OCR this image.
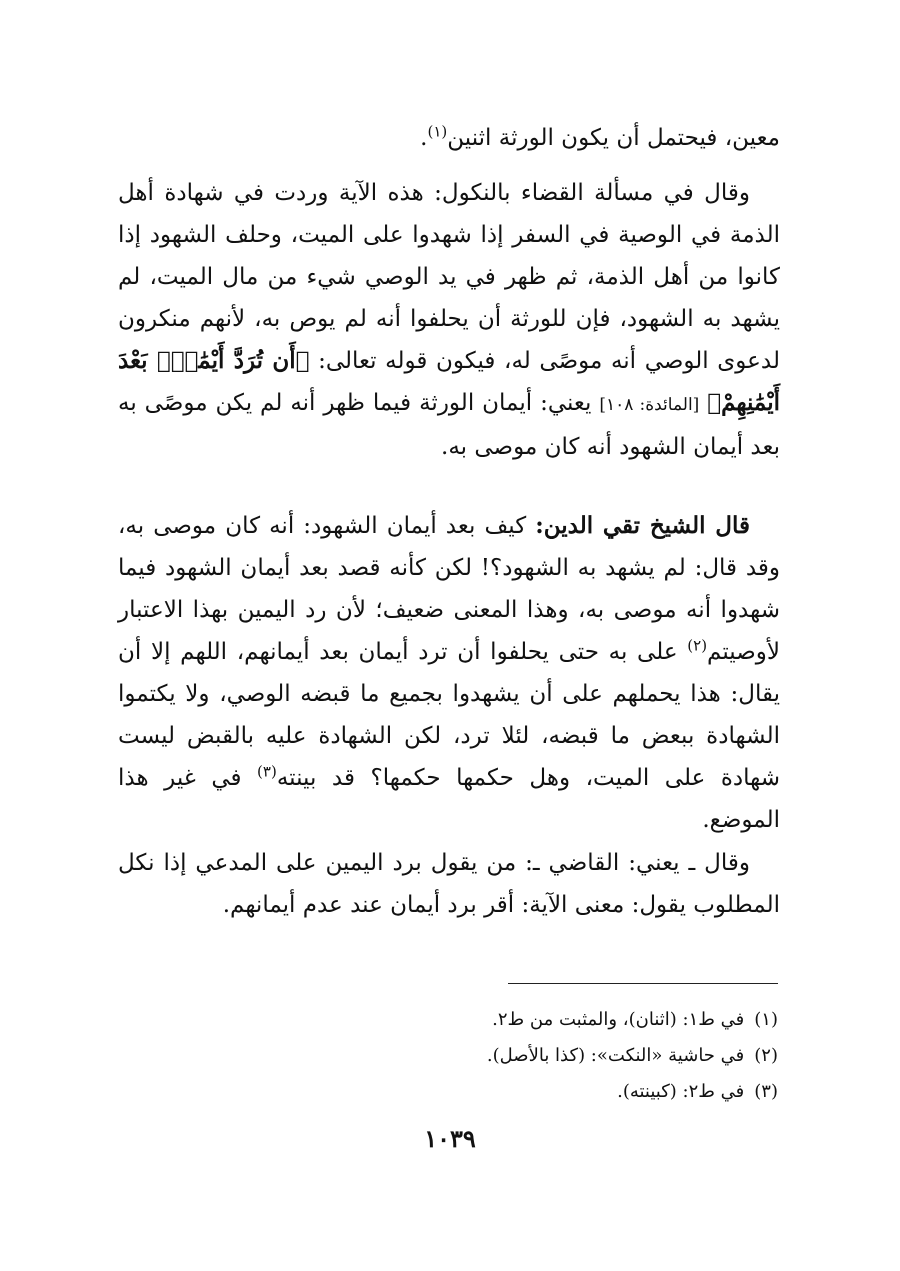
معين، فيحتمل أن يكون الورثة اثنين$^{(١)}$.
وقال في مسألة القضاء بالنكول: هذه الآية وردت في شهادة أهل الذمة في الوصية في السفر إذا شهدوا على الميت، وحلف الشهود إذا كانوا من أهل الذمة، ثم ظهر في يد الوصي شيء من مال الميت، لم يشهد به الشهود، فإن للورثة أن يحلفوا أنه لم يوص به، لأنهم منكرون لدعوى الوصي أنه موصًى له، فيكون قوله تعالى: ﴿أَن تُرَدَّ أَيْمَٰنٌۢ بَعْدَ أَيْمَٰنِهِمْ﴾ [المائدة: ١٠٨] يعني: أيمان الورثة فيما ظهر أنه لم يكن موصًى به بعد أيمان الشهود أنه كان موصى به.
قال الشيخ تقي الدين: كيف بعد أيمان الشهود: أنه كان موصى به، وقد قال: لم يشهد به الشهود؟! لكن كأنه قصد بعد أيمان الشهود فيما شهدوا أنه موصى به، وهذا المعنى ضعيف؛ لأن رد اليمين بهذا الاعتبار لأوصيتم$^{(٢)}$ على به حتى يحلفوا أن ترد أيمان بعد أيمانهم، اللهم إلا أن يقال: هذا يحملهم على أن يشهدوا بجميع ما قبضه الوصي، ولا يكتموا الشهادة ببعض ما قبضه، لئلا ترد، لكن الشهادة عليه بالقبض ليست شهادة على الميت، وهل حكمها حكمها؟ قد بينته$^{(٣)}$ في غير هذا الموضع.
وقال ـ يعني: القاضي ـ: من يقول برد اليمين على المدعي إذا نكل المطلوب يقول: معنى الآية: أقر برد أيمان عند عدم أيمانهم.
(١)في ط١: (اثنان)، والمثبت من ط٢.
(٢)في حاشية «النكت»: (كذا بالأصل).
(٣)في ط٢: (كبينته).
١٠٣٩
